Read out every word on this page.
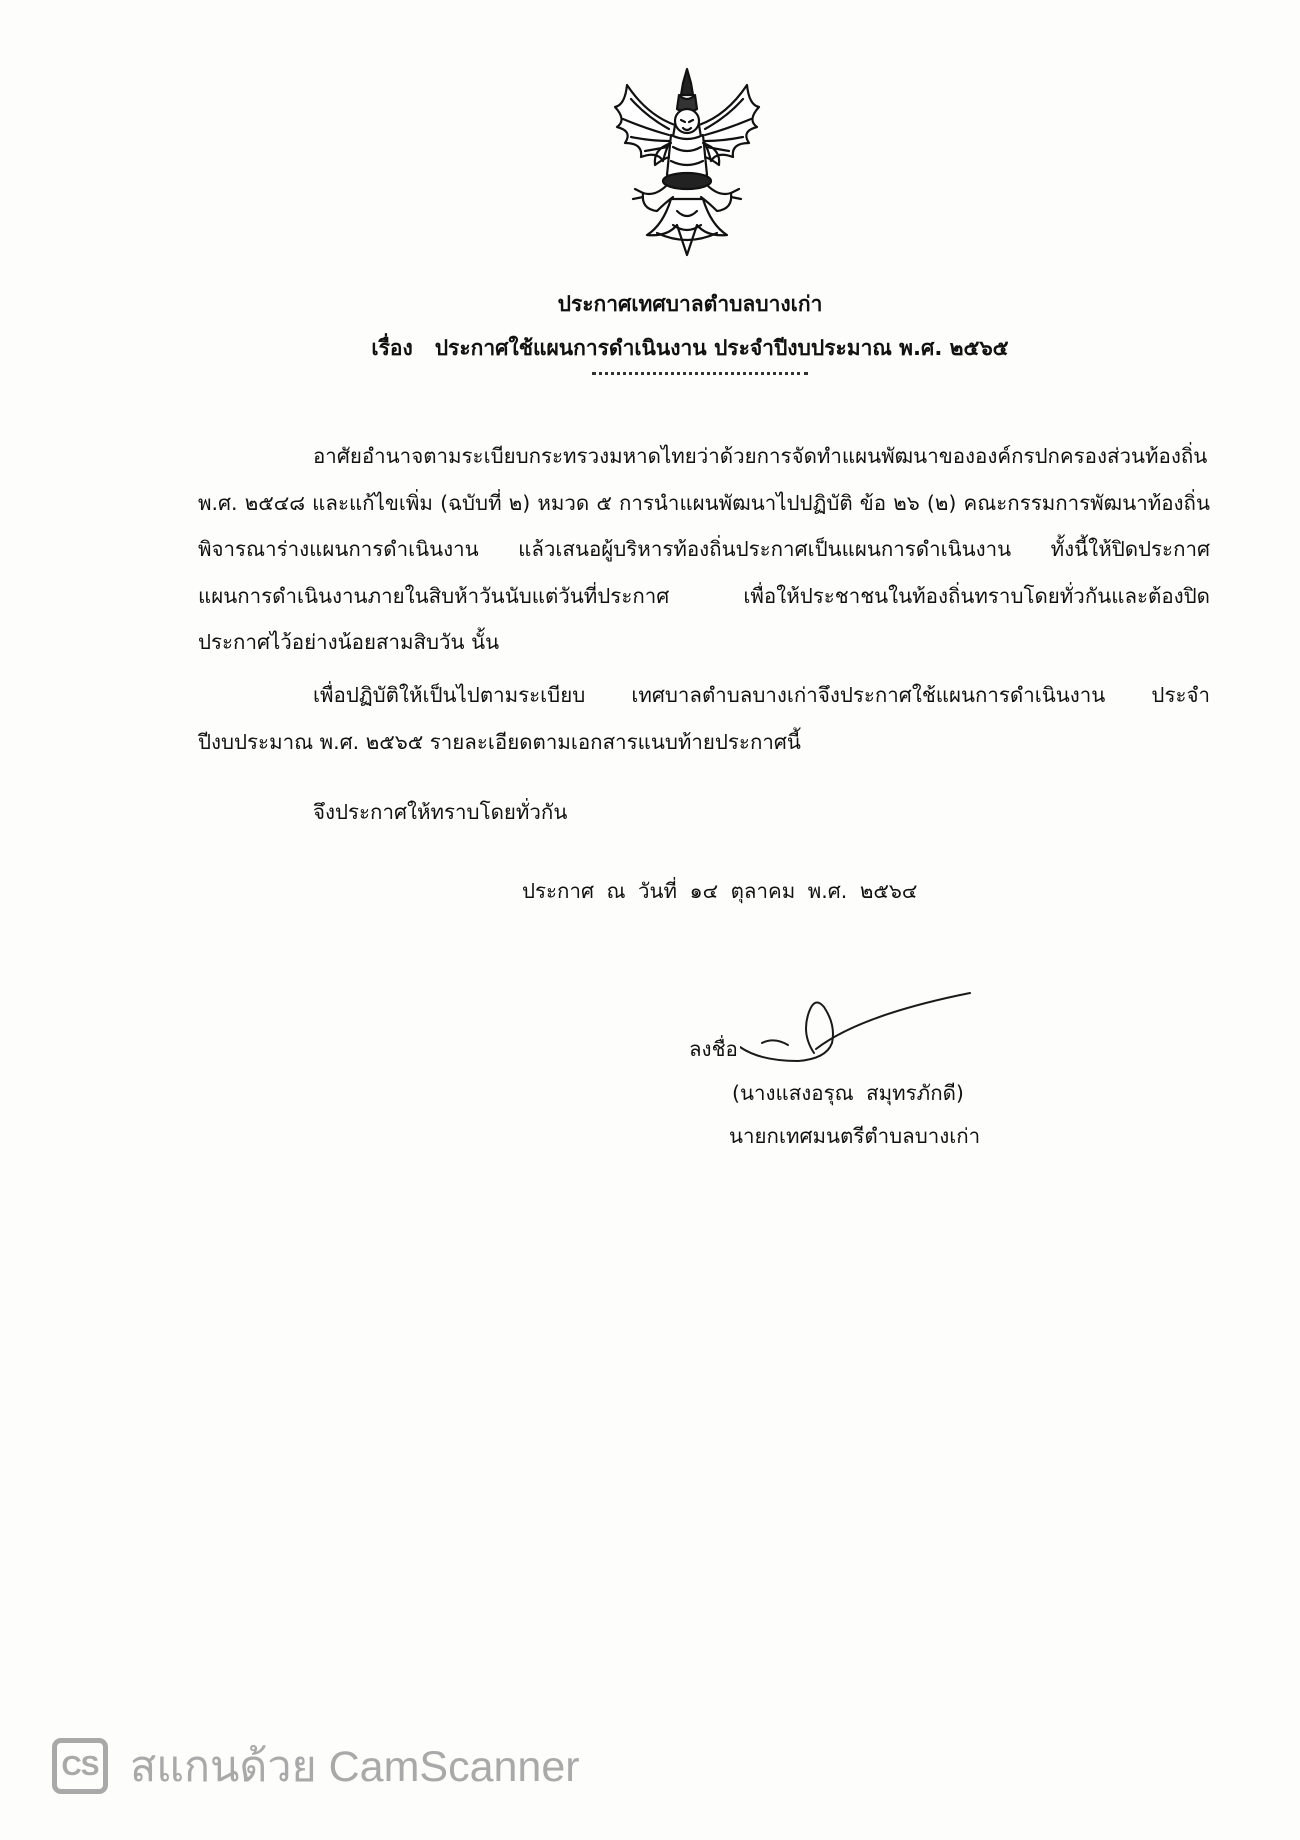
ประกาศเทศบาลตำบลบางเก่า
เรื่อง ประกาศใช้แผนการดำเนินงาน ประจำปีงบประมาณ พ.ศ. ๒๕๖๕
อาศัยอำนาจตามระเบียบกระทรวงมหาดไทยว่าด้วยการจัดทำแผนพัฒนาขององค์กรปกครองส่วนท้องถิ่น พ.ศ. ๒๕๔๘ และแก้ไขเพิ่ม (ฉบับที่ ๒) หมวด ๕ การนำแผนพัฒนาไปปฏิบัติ ข้อ ๒๖ (๒) คณะกรรมการพัฒนาท้องถิ่นพิจารณาร่างแผนการดำเนินงาน แล้วเสนอผู้บริหารท้องถิ่นประกาศเป็นแผนการดำเนินงาน ทั้งนี้ให้ปิดประกาศแผนการดำเนินงานภายในสิบห้าวันนับแต่วันที่ประกาศ เพื่อให้ประชาชนในท้องถิ่นทราบโดยทั่วกันและต้องปิดประกาศไว้อย่างน้อยสามสิบวัน นั้น
เพื่อปฏิบัติให้เป็นไปตามระเบียบ เทศบาลตำบลบางเก่าจึงประกาศใช้แผนการดำเนินงาน ประจำปีงบประมาณ พ.ศ. ๒๕๖๕ รายละเอียดตามเอกสารแนบท้ายประกาศนี้
จึงประกาศให้ทราบโดยทั่วกัน
ประกาศ ณ วันที่ ๑๔ ตุลาคม พ.ศ. ๒๕๖๔
ลงชื่อ
(นางแสงอรุณ สมุทรภักดี)
นายกเทศมนตรีตำบลบางเก่า
CS สแกนด้วย CamScanner
